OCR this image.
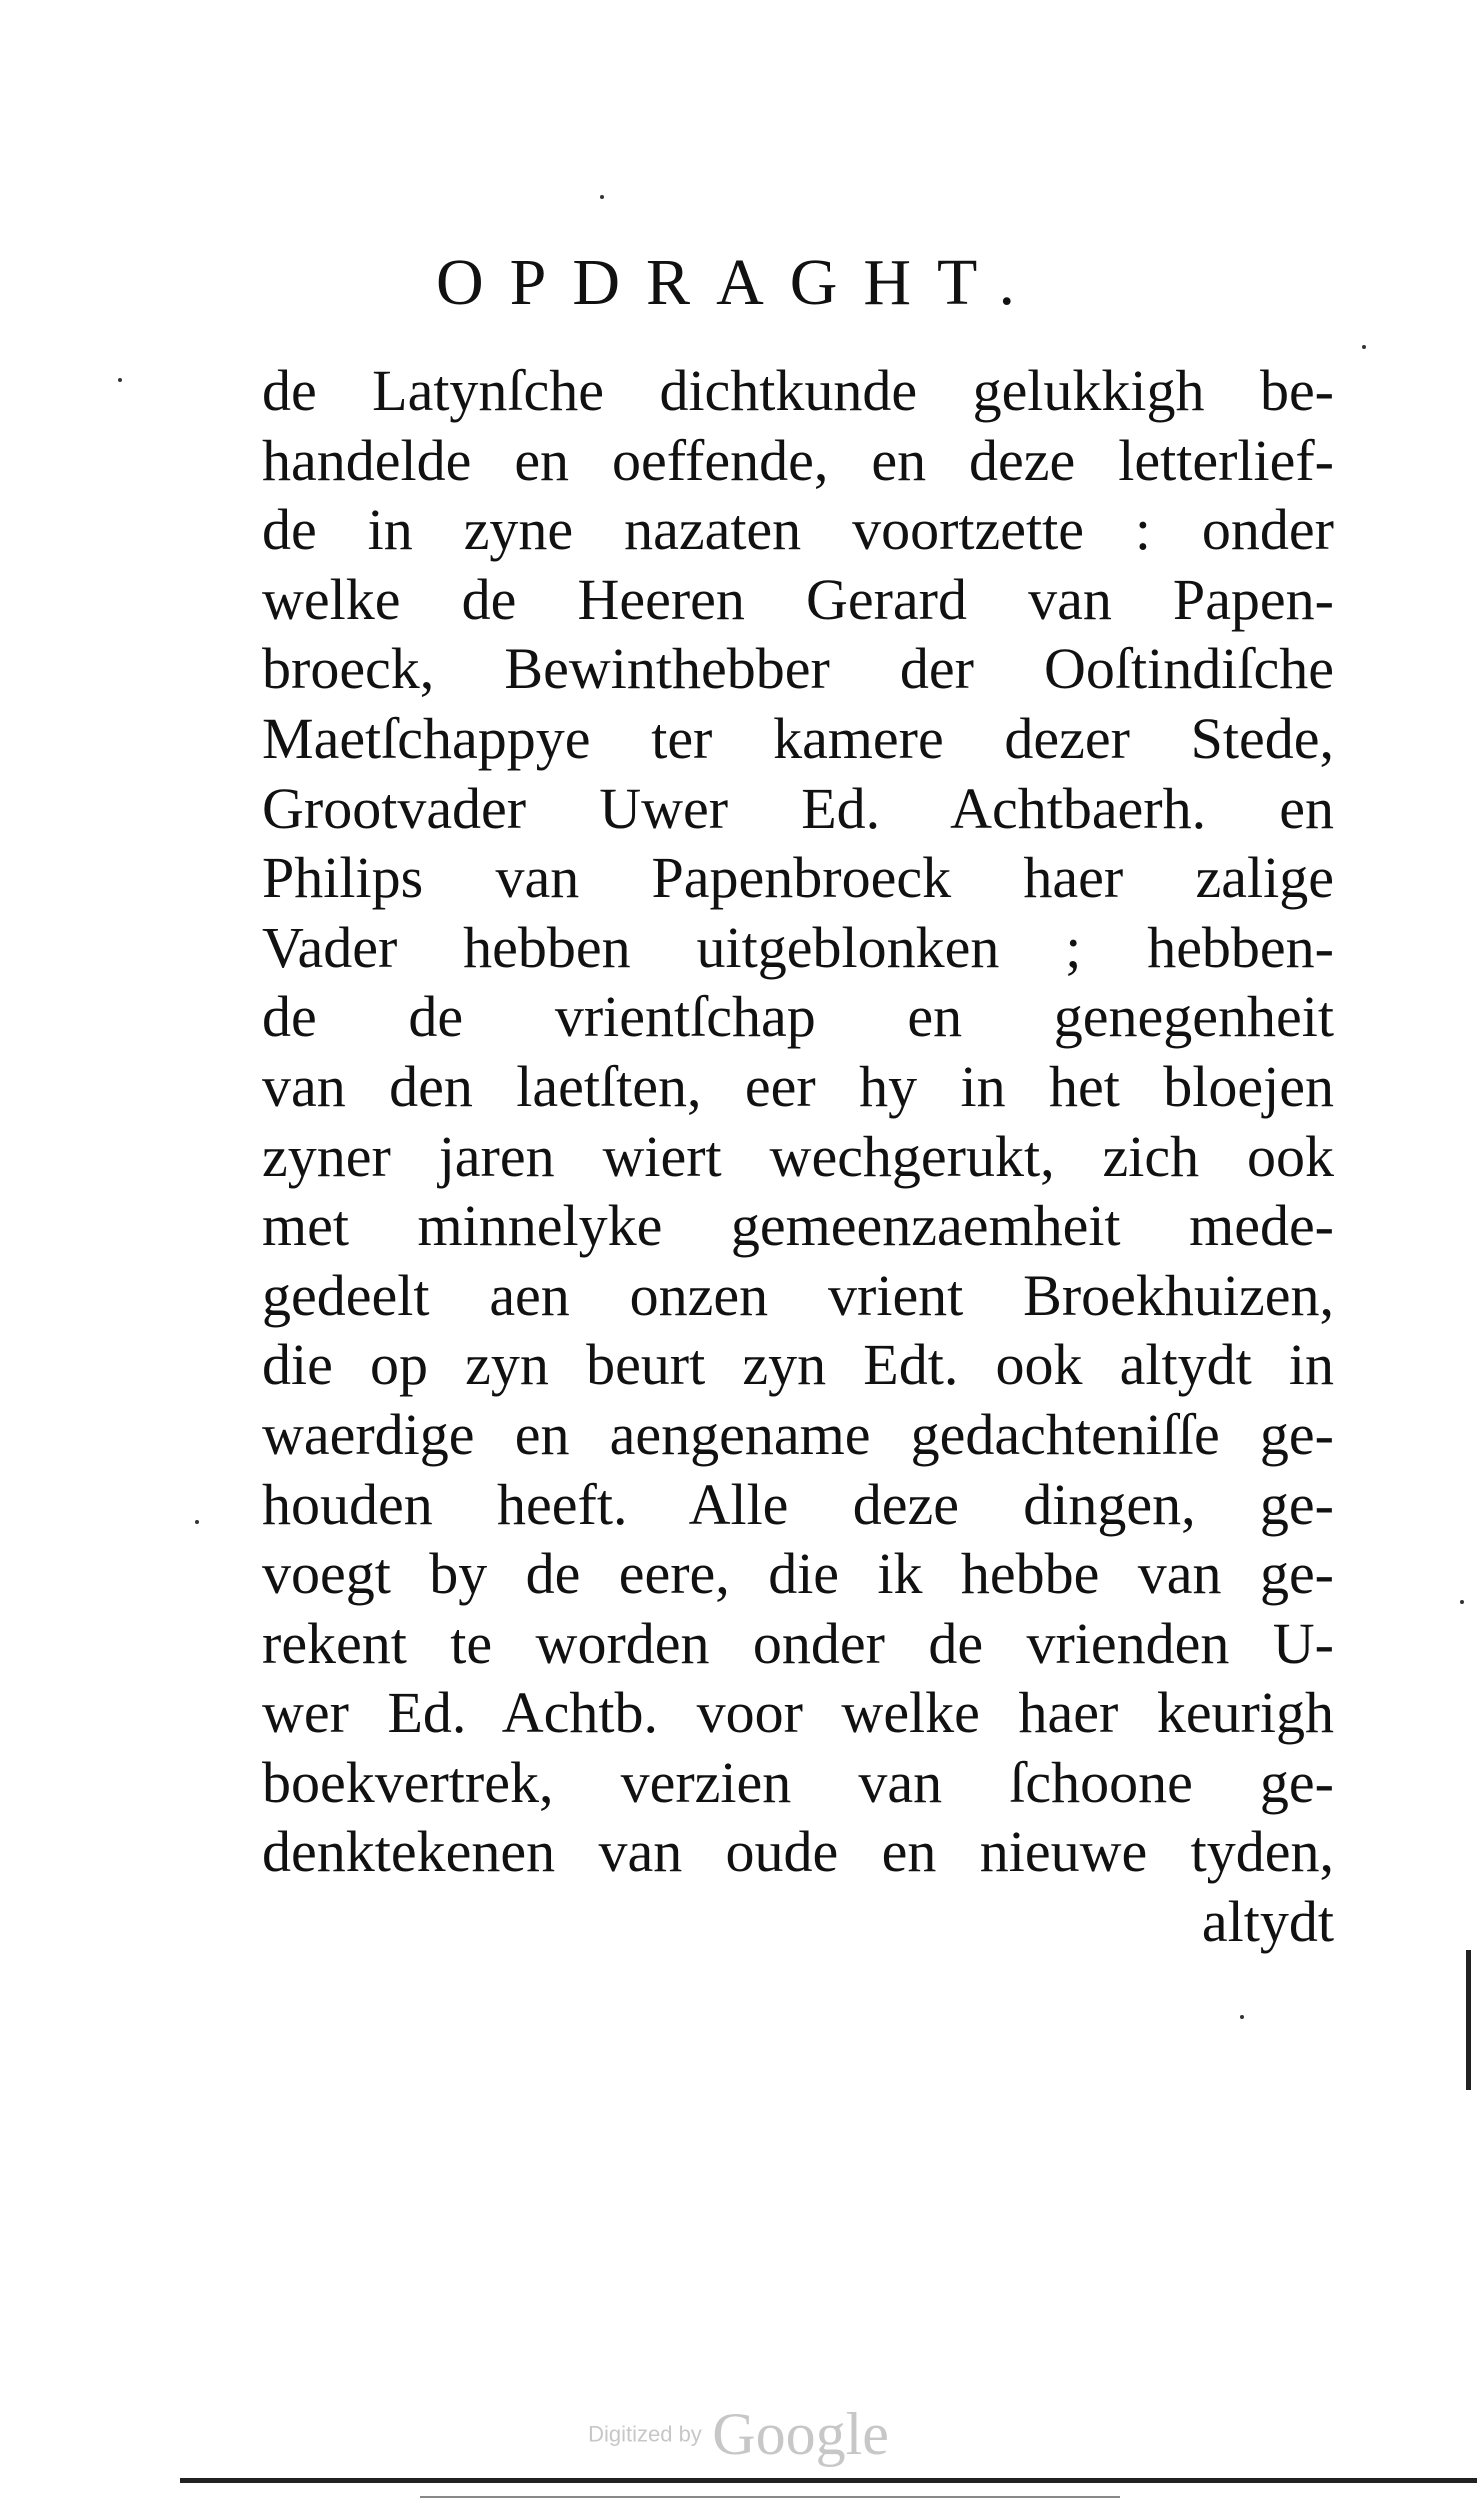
OPDRAGHT.
de Latynſche dichtkunde gelukkigh be-
handelde en oeffende, en deze letterlief-
de in zyne nazaten voortzette : onder
welke de Heeren Gerard van Papen-
broeck, Bewinthebber der Ooſtindiſche
Maetſchappye ter kamere dezer Stede,
Grootvader Uwer Ed. Achtbaerh. en
Philips van Papenbroeck haer zalige
Vader hebben uitgeblonken ; hebben-
de de vrientſchap en genegenheit
van den laetſten, eer hy in het bloejen
zyner jaren wiert wechgerukt, zich ook
met minnelyke gemeenzaemheit mede-
gedeelt aen onzen vrient Broekhuizen,
die op zyn beurt zyn Edt. ook altydt in
waerdige en aengename gedachteniſſe ge-
houden heeft. Alle deze dingen, ge-
voegt by de eere, die ik hebbe van ge-
rekent te worden onder de vrienden U-
wer Ed. Achtb. voor welke haer keurigh
boekvertrek, verzien van ſchoone ge-
denktekenen van oude en nieuwe tyden,
altydt
Digitized by Google
